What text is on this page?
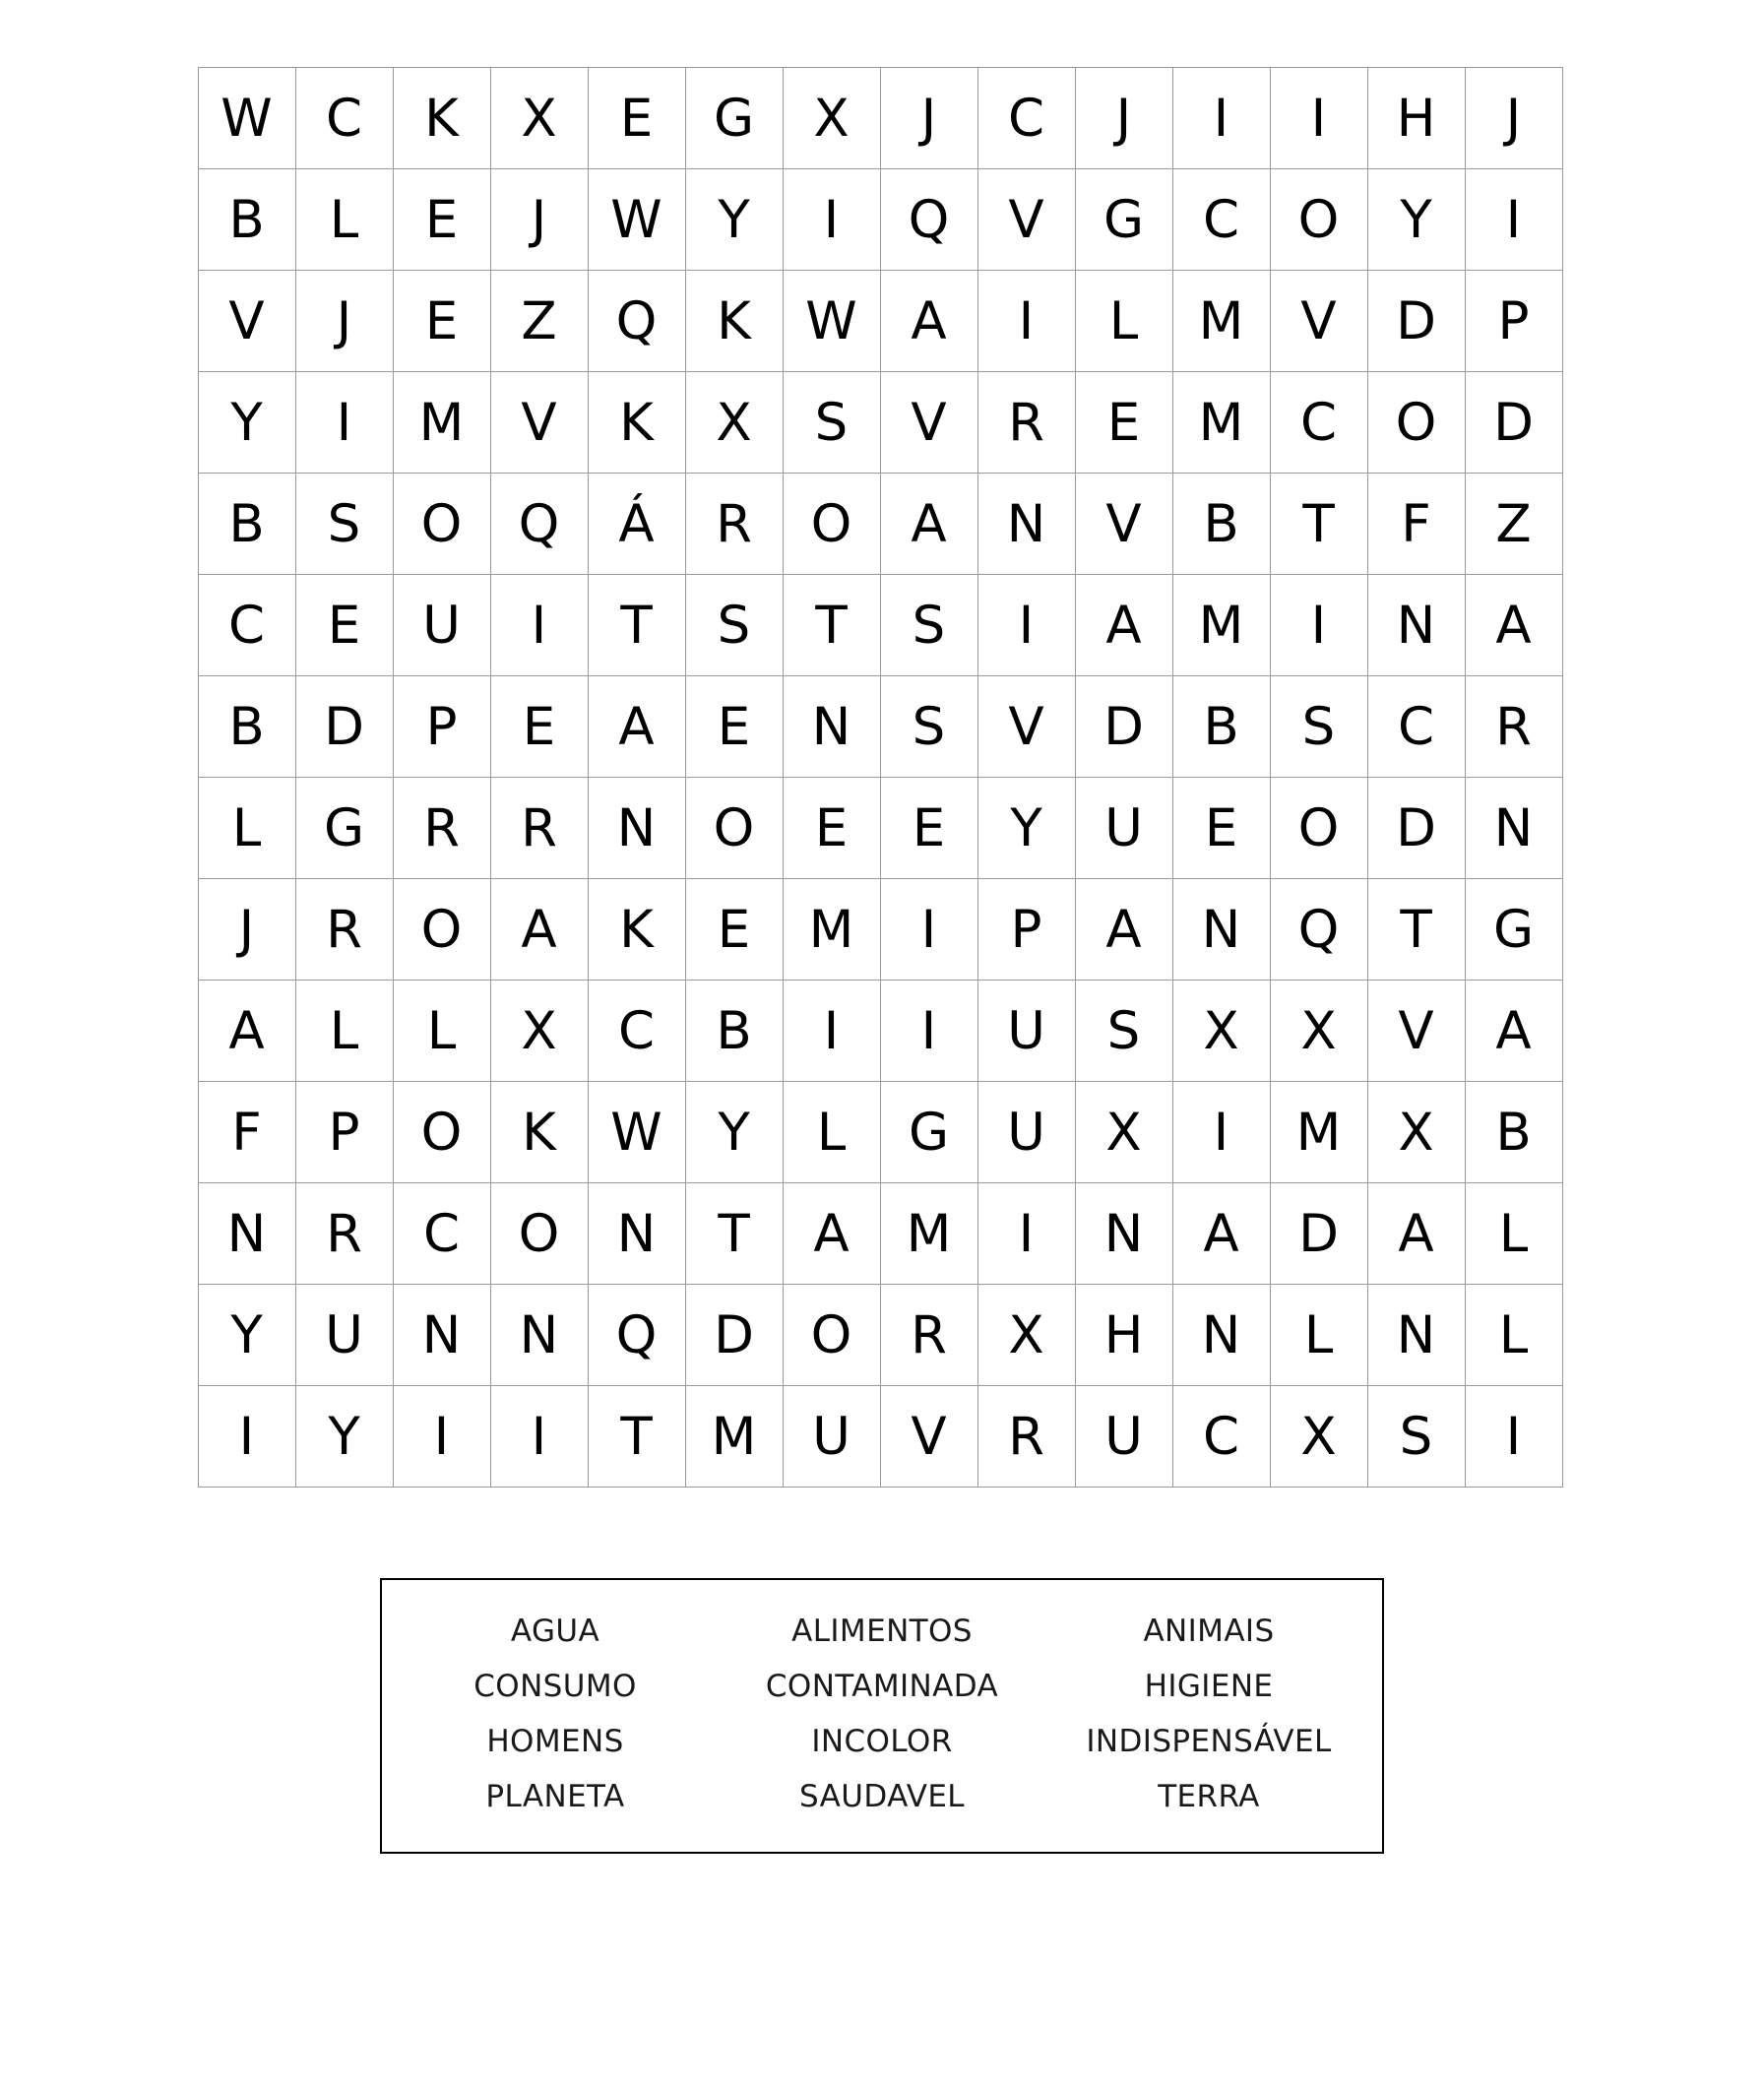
W	C	K	X	E	G	X	J	C	J	I	I	H	J
B	L	E	J	W	Y	I	Q	V	G	C	O	Y	I
V	J	E	Z	Q	K	W	A	I	L	M	V	D	P
Y	I	M	V	K	X	S	V	R	E	M	C	O	D
B	S	O	Q	Á	R	O	A	N	V	B	T	F	Z
C	E	U	I	T	S	T	S	I	A	M	I	N	A
B	D	P	E	A	E	N	S	V	D	B	S	C	R
L	G	R	R	N	O	E	E	Y	U	E	O	D	N
J	R	O	A	K	E	M	I	P	A	N	Q	T	G
A	L	L	X	C	B	I	I	U	S	X	X	V	A
F	P	O	K	W	Y	L	G	U	X	I	M	X	B
N	R	C	O	N	T	A	M	I	N	A	D	A	L
Y	U	N	N	Q	D	O	R	X	H	N	L	N	L
I	Y	I	I	T	M	U	V	R	U	C	X	S	I
AGUA	ALIMENTOS	ANIMAIS
CONSUMO	CONTAMINADA	HIGIENE
HOMENS	INCOLOR	INDISPENSÁVEL
PLANETA	SAUDAVEL	TERRA
